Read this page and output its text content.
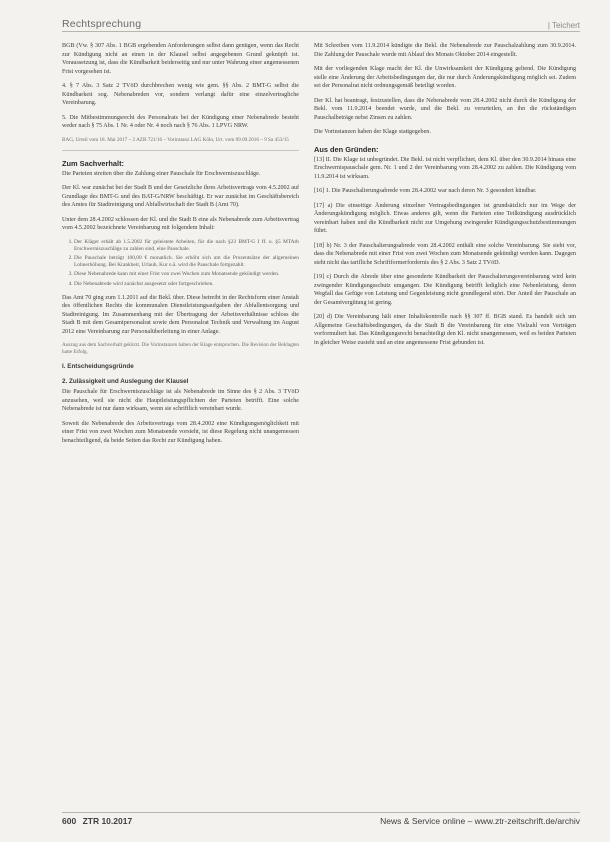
Rechtsprechung	| Teichert

BGB (Vw. § 307 Abs. 1 BGB ergebenden Anforderungen selbst dann genügen, wenn das Recht zur Kündigung nicht an einen in der Klausel selbst angegebenen Grund geknüpft ist. Voraussetzung ist, dass die Kündbarkeit beiderseitig und nur unter Wahrung einer angemessenen Frist vorgesehen ist.

4. § 7 Abs. 3 Satz 2 TVöD durchbrechen wenig wie gem. §§ Abs. 2 BMT-G selbst die Kündbarkeit sog. Nebenabreden vor, sondern verlangt dafür eine einzelvertragliche Vereinbarung.

5. Die Mitbestimmungsrecht des Personalrats bei der Kündigung einer Nebenabrede besteht weder nach § 75 Abs. 1 Nr. 4 oder Nr. 4 noch nach § 76 Abs. 1 LPVG NRW.

BAG, Urteil vom 18. Mai 2017 – 2 AZR 721/16 – Vorinstanz LAG Köln, Urt. vom 09.09.2016 – 9 Sa 453/15

Zum Sachverhalt:

Die Parteien streiten über die Zahlung einer Pauschale für Erschwerniszuschläge.

Der Kl. war zunächst bei der Stadt B und der Gesetzliche ihres Arbeitsvertrags vom 4.5.2002 auf Grundlage des BMT-G und des BAT-G/NRW beschäftigt. Er war zunächst im Geschäftsbereich des Amtes für Stadtreinigung und Abfallwirtschaft der Stadt B (Amt 70).

Unter dem 28.4.2002 schlossen der Kl. und die Stadt B eine als Nebenabrede zum Arbeitsvertrag vom 4.5.2002 bezeichnete Vereinbarung mit folgendem Inhalt:

1. Der Kläger erhält ab 1.5.2002 für geleistete Arbeiten, für die nach §23 BMT-G I ff. u. §5 MTArb Erschwerniszuschläge zu zahlen sind, eine Pauschale.
2. Die Pauschale beträgt 100,00 € monatlich. Sie erhöht sich um die Prozentsätze der allgemeinen Lohnerhöhung. Bei Krankheit, Urlaub, Kur o.ä. wird die Pauschale fortgezahlt.
3. Diese Nebenabrede kann mit einer Frist von zwei Wochen zum Monatsende gekündigt werden.
4. Die Nebenabrede wird zunächst ausgesetzt oder fortgeschrieben.

Das Amt 70 ging zum 1.1.2011 auf die Bekl. über. Diese betreibt in der Rechtsform einer Anstalt des öffentlichen Rechts die kommunalen Dienstleistungsaufgaben der Abfallentsorgung und Stadtreinigung. Im Zusammenhang mit der Übertragung der Arbeitsverhältnisse schloss die Stadt B mit dem Gesamtpersonalrat sowie dem Personalrat Technik und Verwaltung im August 2012 eine Vereinbarung zur Personalüberleitung in einer Anlage.

Auszug aus dem Sachverhalt gekürzt. Die Vorinstanzen haben der Klage entsprochen. Die Revision der Beklagten hatte Erfolg.

I. Entscheidungsgründe
2. Zulässigkeit und Auslegung der Klausel

Die Pauschale für Erschwerniszuschläge ist als Nebenabrede im Sinne des § 2 Abs. 3 TVöD anzusehen, weil sie nicht die Hauptleistungspflichten der Parteien betrifft. Eine solche Nebenabrede ist nur dann wirksam, wenn sie schriftlich vereinbart wurde.

Soweit die Nebenabrede des Arbeitsvertrags vom 28.4.2002 eine Kündigungsmöglichkeit mit einer Frist von zwei Wochen zum Monatsende vorsieht, ist diese Regelung nicht unangemessen benachteiligend, da beide Seiten das Recht zur Kündigung haben.

Mit Schreiben vom 11.9.2014 kündigte die Bekl. die Nebenabrede zur Pauschalzahlung zum 30.9.2014. Die Zahlung der Pauschale wurde mit Ablauf des Monats Oktober 2014 eingestellt.

Mit der vorliegenden Klage macht der Kl. die Unwirksamkeit der Kündigung geltend. Die Kündigung stelle eine Änderung der Arbeitsbedingungen dar, die nur durch Änderungskündigung möglich sei. Zudem sei der Personalrat nicht ordnungsgemäß beteiligt worden.

Der Kl. hat beantragt, festzustellen, dass die Nebenabrede vom 28.4.2002 nicht durch die Kündigung der Bekl. vom 11.9.2014 beendet wurde, und die Bekl. zu verurteilen, an ihn die rückständigen Pauschalbeträge nebst Zinsen zu zahlen.

Die Vorinstanzen haben der Klage stattgegeben.

Aus den Gründen:

[13] II. Die Klage ist unbegründet. Die Bekl. ist nicht verpflichtet, dem Kl. über den 30.9.2014 hinaus eine Erschwernispauschale gem. Nr. 1 und 2 der Vereinbarung vom 28.4.2002 zu zahlen. Die Kündigung vom 11.9.2014 ist wirksam.

[16] 1. Die Pauschalierungsabrede vom 28.4.2002 war nach deren Nr. 3 gesondert kündbar.

[17] a) Die einseitige Änderung einzelner Vertragsbedingungen ist grundsätzlich nur im Wege der Änderungskündigung möglich. Etwas anderes gilt, wenn die Parteien eine Teilkündigung ausdrücklich vereinbart haben und die Kündbarkeit nicht zur Umgehung zwingender Kündigungsschutzbestimmungen führt.

[18] b) Nr. 3 der Pauschalierungsabrede vom 28.4.2002 enthält eine solche Vereinbarung. Sie sieht vor, dass die Nebenabrede mit einer Frist von zwei Wochen zum Monatsende gekündigt werden kann. Dagegen steht nicht das tarifliche Schriftformerfordernis des § 2 Abs. 3 Satz 2 TVöD.

[19] c) Durch die Abrede über eine gesonderte Kündbarkeit der Pauschalierungsvereinbarung wird kein zwingender Kündigungsschutz umgangen. Die Kündigung betrifft lediglich eine Nebenleistung, deren Wegfall das Gefüge von Leistung und Gegenleistung nicht grundlegend stört. Der Anteil der Pauschale an der Gesamtvergütung ist gering.

[20] d) Die Vereinbarung hält einer Inhaltskontrolle nach §§ 307 ff. BGB stand. Es handelt sich um Allgemeine Geschäftsbedingungen, da die Stadt B die Vereinbarung für eine Vielzahl von Verträgen vorformuliert hat. Das Kündigungsrecht benachteiligt den Kl. nicht unangemessen, weil es beiden Parteien in gleicher Weise zusteht und an eine angemessene Frist gebunden ist.

600 ZTR 10.2017	News & Service online – www.ztr-zeitschrift.de/archiv
